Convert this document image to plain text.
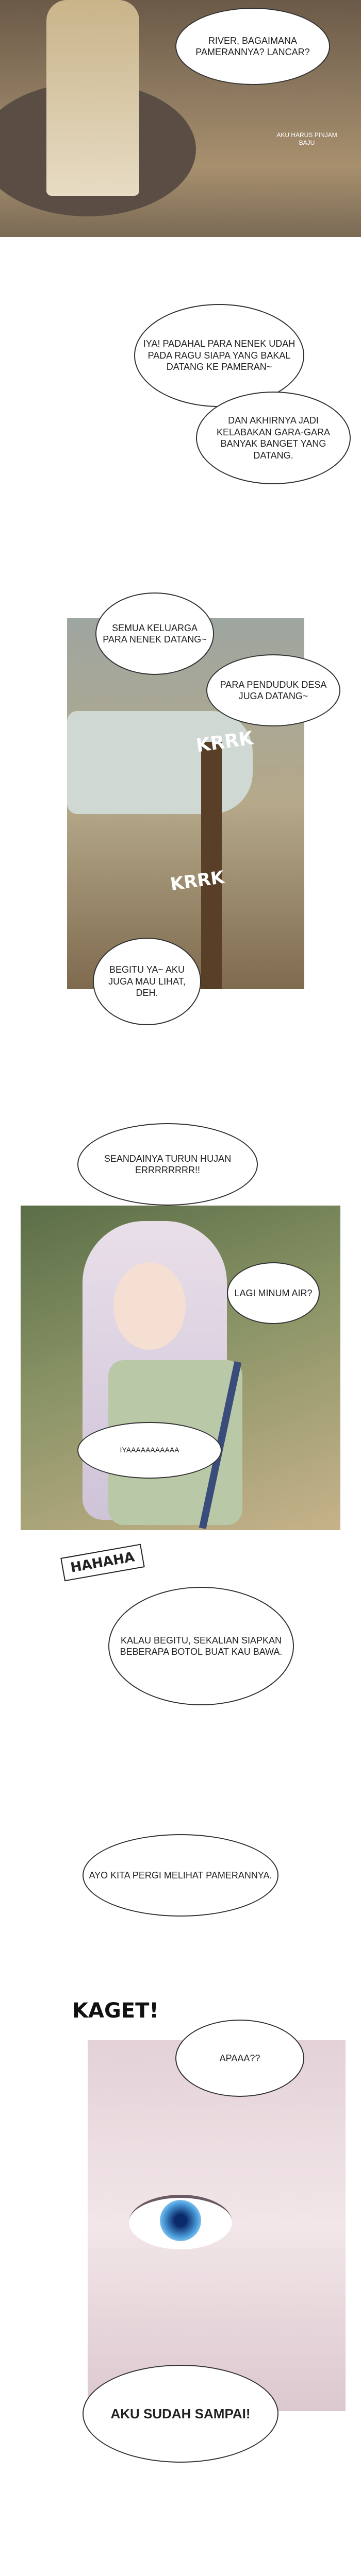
RIVER, BAGAIMANA PAMERANNYA? LANCAR?
AKU HARUS PINJAM BAJU
IYA! PADAHAL PARA NENEK UDAH PADA RAGU SIAPA YANG BAKAL DATANG KE PAMERAN~
DAN AKHIRNYA JADI KELABAKAN GARA-GARA BANYAK BANGET YANG DATANG.
SEMUA KELUARGA PARA NENEK DATANG~
PARA PENDUDUK DESA JUGA DATANG~
KRRK
KRRK
BEGITU YA~ AKU JUGA MAU LIHAT, DEH.
SEANDAINYA TURUN HUJAN ERRRRRRRR!!
LAGI MINUM AIR?
IYAAAAAAAAAAA
HAHAHA
KALAU BEGITU, SEKALIAN SIAPKAN BEBERAPA BOTOL BUAT KAU BAWA.
AYO KITA PERGI MELIHAT PAMERANNYA.
KAGET!
APAAA??
AKU SUDAH SAMPAI!
